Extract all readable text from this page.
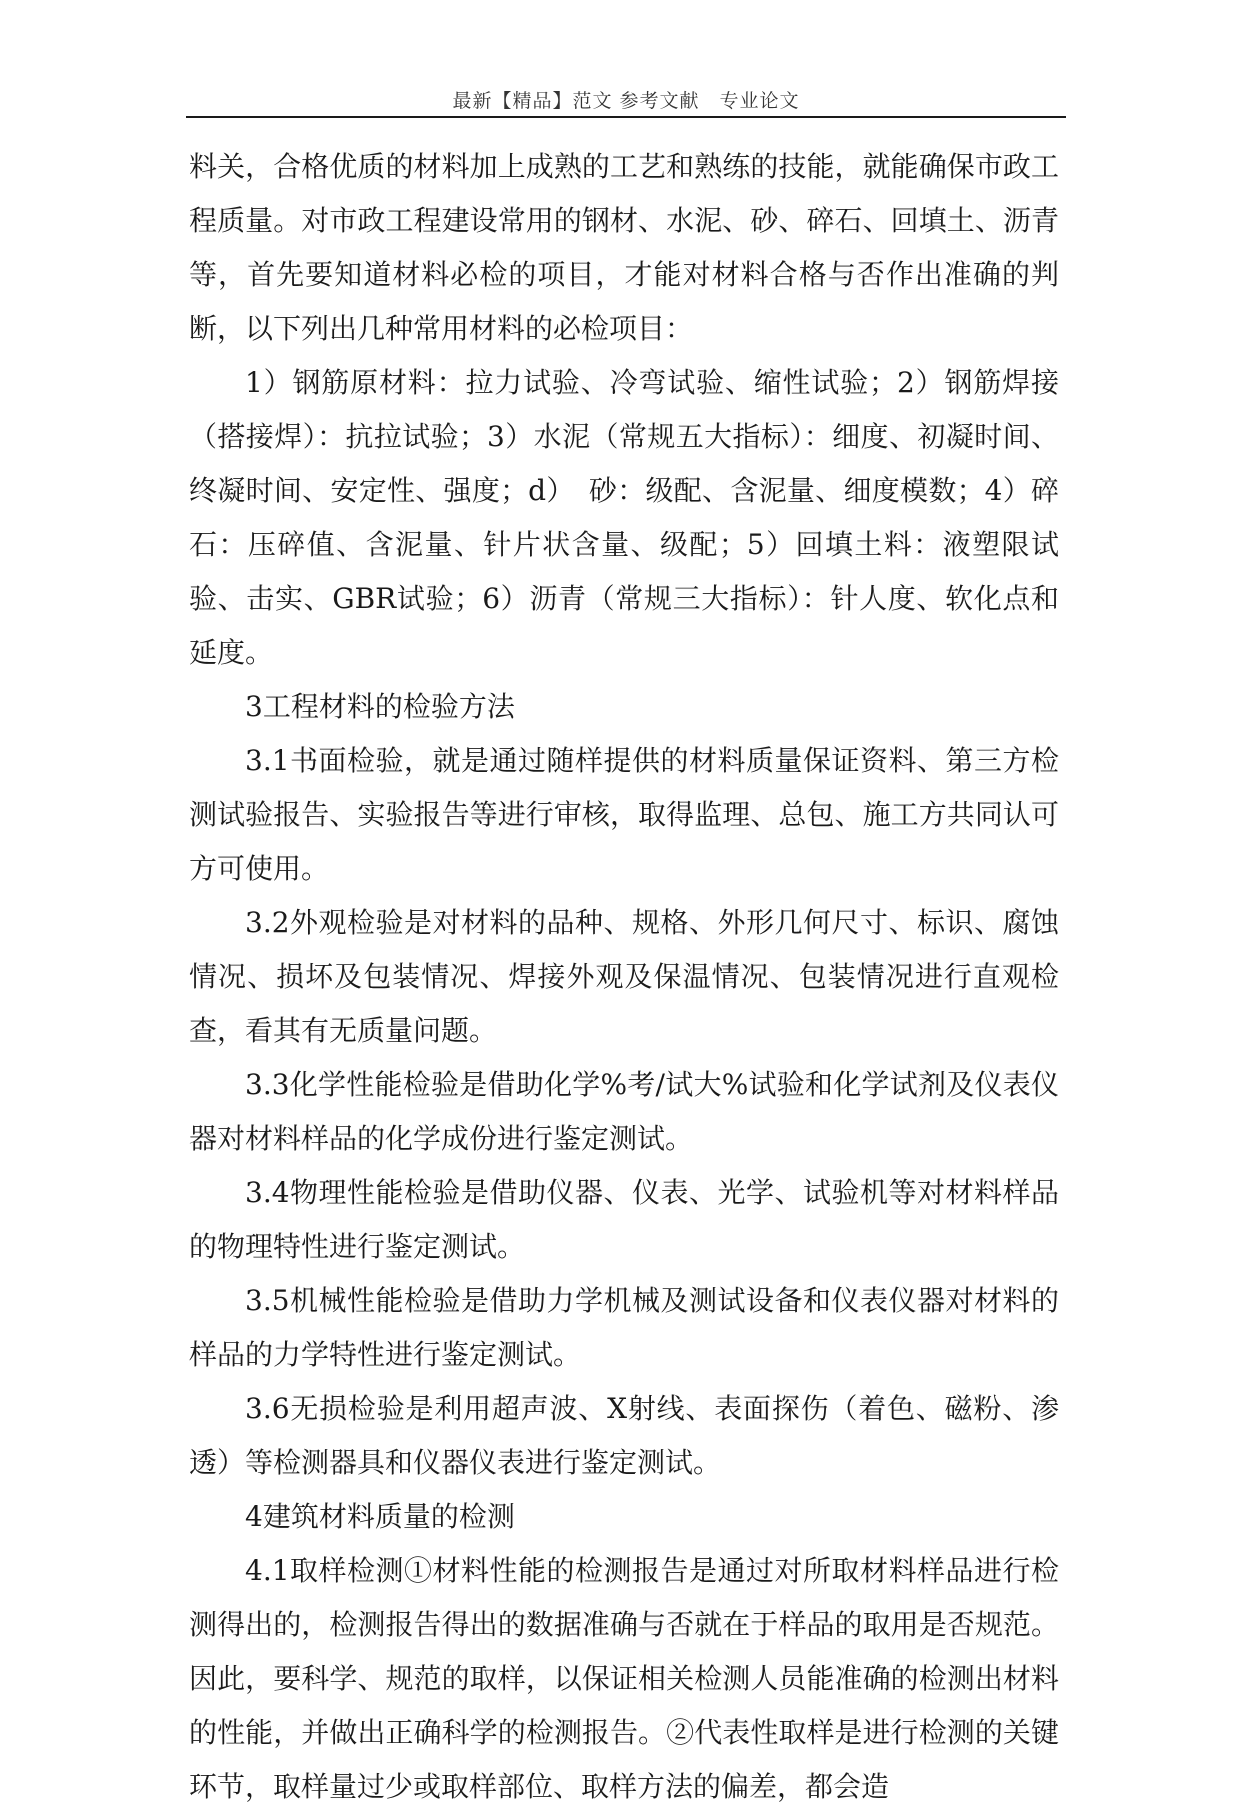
最新【精品】范文 参考文献　专业论文

料关，合格优质的材料加上成熟的工艺和熟练的技能，就能确保市政工程质量。对市政工程建设常用的钢材、水泥、砂、碎石、回填土、沥青等，首先要知道材料必检的项目，才能对材料合格与否作出准确的判断，以下列出几种常用材料的必检项目：

1）钢筋原材料：拉力试验、冷弯试验、缩性试验；2）钢筋焊接（搭接焊）：抗拉试验；3）水泥（常规五大指标）：细度、初凝时间、终凝时间、安定性、强度；d）　砂：级配、含泥量、细度模数；4）碎石：压碎值、含泥量、针片状含量、级配；5）回填土料：液塑限试验、击实、GBR试验；6）沥青（常规三大指标）：针人度、软化点和延度。

3工程材料的检验方法

3.1书面检验，就是通过随样提供的材料质量保证资料、第三方检测试验报告、实验报告等进行审核，取得监理、总包、施工方共同认可方可使用。

3.2外观检验是对材料的品种、规格、外形几何尺寸、标识、腐蚀情况、损坏及包装情况、焊接外观及保温情况、包装情况进行直观检查，看其有无质量问题。

3.3化学性能检验是借助化学%考/试大%试验和化学试剂及仪表仪器对材料样品的化学成份进行鉴定测试。

3.4物理性能检验是借助仪器、仪表、光学、试验机等对材料样品的物理特性进行鉴定测试。

3.5机械性能检验是借助力学机械及测试设备和仪表仪器对材料的样品的力学特性进行鉴定测试。

3.6无损检验是利用超声波、X射线、表面探伤（着色、磁粉、渗透）等检测器具和仪器仪表进行鉴定测试。

4建筑材料质量的检测

4.1取样检测①材料性能的检测报告是通过对所取材料样品进行检测得出的，检测报告得出的数据准确与否就在于样品的取用是否规范。因此，要科学、规范的取样，以保证相关检测人员能准确的检测出材料的性能，并做出正确科学的检测报告。②代表性取样是进行检测的关键环节，取样量过少或取样部位、取样方法的偏差，都会造
